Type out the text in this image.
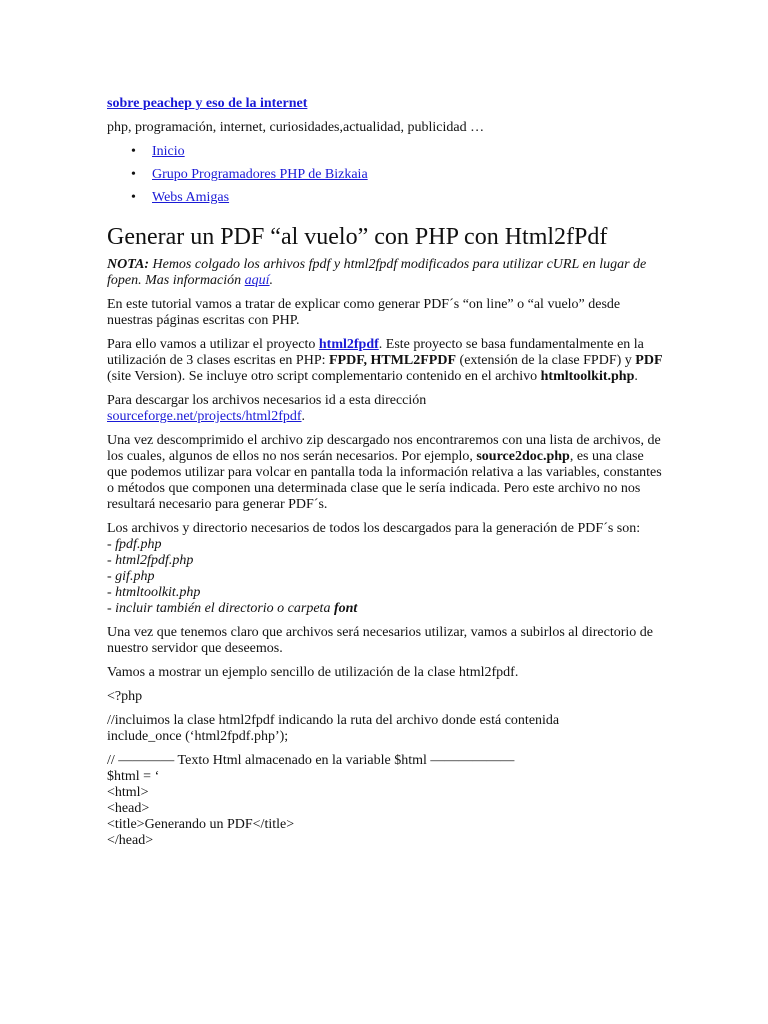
sobre peachep y eso de la internet

php, programación, internet, curiosidades,actualidad, publicidad …

• Inicio
• Grupo Programadores PHP de Bizkaia
• Webs Amigas
Generar un PDF “al vuelo” con PHP con Html2fPdf

NOTA: Hemos colgado los arhivos fpdf y html2fpdf modificados para utilizar cURL en lugar de fopen. Mas información aquí.

En este tutorial vamos a tratar de explicar como generar PDF´s “on line” o “al vuelo” desde nuestras páginas escritas con PHP.

Para ello vamos a utilizar el proyecto html2fpdf. Este proyecto se basa fundamentalmente en la utilización de 3 clases escritas en PHP: FPDF, HTML2FPDF (extensión de la clase FPDF) y PDF (site Version). Se incluye otro script complementario contenido en el archivo htmltoolkit.php.

Para descargar los archivos necesarios id a esta dirección
sourceforge.net/projects/html2fpdf.

Una vez descomprimido el archivo zip descargado nos encontraremos con una lista de archivos, de los cuales, algunos de ellos no nos serán necesarios. Por ejemplo, source2doc.php, es una clase que podemos utilizar para volcar en pantalla toda la información relativa a las variables, constantes o métodos que componen una determinada clase que le sería indicada. Pero este archivo no nos resultará necesario para generar PDF´s.

Los archivos y directorio necesarios de todos los descargados para la generación de PDF´s son:
- fpdf.php
- html2fpdf.php
- gif.php
- htmltoolkit.php
- incluir también el directorio o carpeta font

Una vez que tenemos claro que archivos será necesarios utilizar, vamos a subirlos al directorio de nuestro servidor que deseemos.

Vamos a mostrar un ejemplo sencillo de utilización de la clase html2fpdf.

<?php

//incluimos la clase html2fpdf indicando la ruta del archivo donde está contenida
include_once (‘html2fpdf.php’);

// ———— Texto Html almacenado en la variable $html ——————
$html = ‘
<html>
<head>
<title>Generando un PDF</title>
</head>
